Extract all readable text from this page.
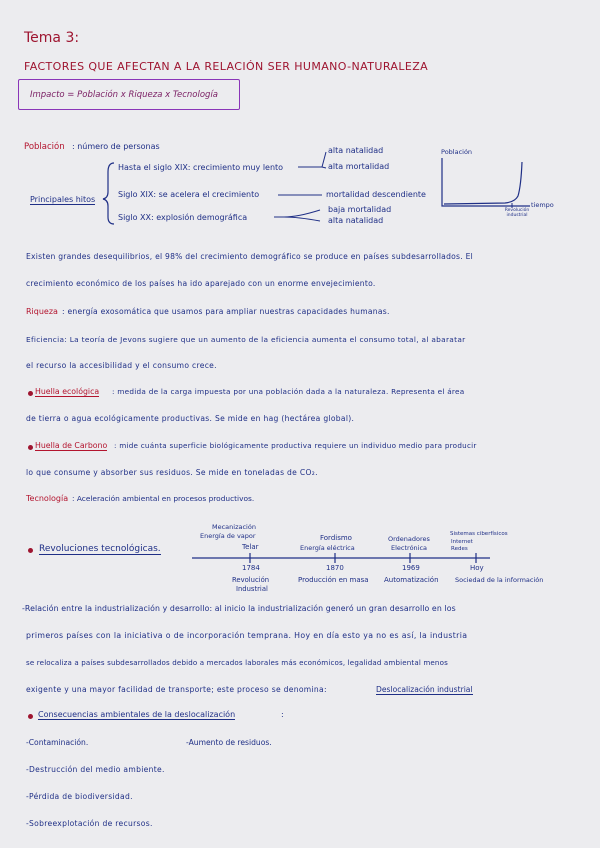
Tema 3:
FACTORES QUE AFECTAN A LA RELACIÓN SER HUMANO-NATURALEZA
Impacto = Población x Riqueza x Tecnología
Población : número de personas
Principales hitos
Hasta el siglo XIX: crecimiento muy lento
Siglo XIX: se acelera el crecimiento
Siglo XX: explosión demográfica
alta natalidad
alta mortalidad
mortalidad descendiente
baja mortalidad
alta natalidad
Población
tiempo
Revolución industrial
Existen grandes desequilibrios, el 98% del crecimiento demográfico se produce en países subdesarrollados. El
crecimiento económico de los países ha ido aparejado con un enorme envejecimiento.
Riqueza : energía exosomática que usamos para ampliar nuestras capacidades humanas.
Eficiencia: La teoría de Jevons sugiere que un aumento de la eficiencia aumenta el consumo total, al abaratar
el recurso la accesibilidad y el consumo crece.
Huella ecológica : medida de la carga impuesta por una población dada a la naturaleza. Representa el área
de tierra o agua ecológicamente productivas. Se mide en hag (hectárea global).
Huella de Carbono : mide cuánta superficie biológicamente productiva requiere un individuo medio para producir
lo que consume y absorber sus residuos. Se mide en toneladas de CO₂.
Tecnología : Aceleración ambiental en procesos productivos.
Revoluciones tecnológicas.
Mecanización
Energía de vapor
Telar
Fordismo
Energía eléctrica
Ordenadores
Electrónica
Sistemas ciberfísicos
Internet
Redes
1784	1870	1969	Hoy
Revolución
Industrial
Producción en masa Automatización	Sociedad de la información
-Relación entre la industrialización y desarrollo: al inicio la industrialización generó un gran desarrollo en los
primeros países con la iniciativa o de incorporación temprana. Hoy en día esto ya no es así, la industria
se relocaliza a países subdesarrollados debido a mercados laborales más económicos, legalidad ambiental menos
exigente y una mayor facilidad de transporte; este proceso se denomina:	Deslocalización industrial
Consecuencias ambientales de la deslocalización	:
-Contaminación.	-Aumento de residuos.
-Destrucción del medio ambiente.
-Pérdida de biodiversidad.
-Sobreexplotación de recursos.
